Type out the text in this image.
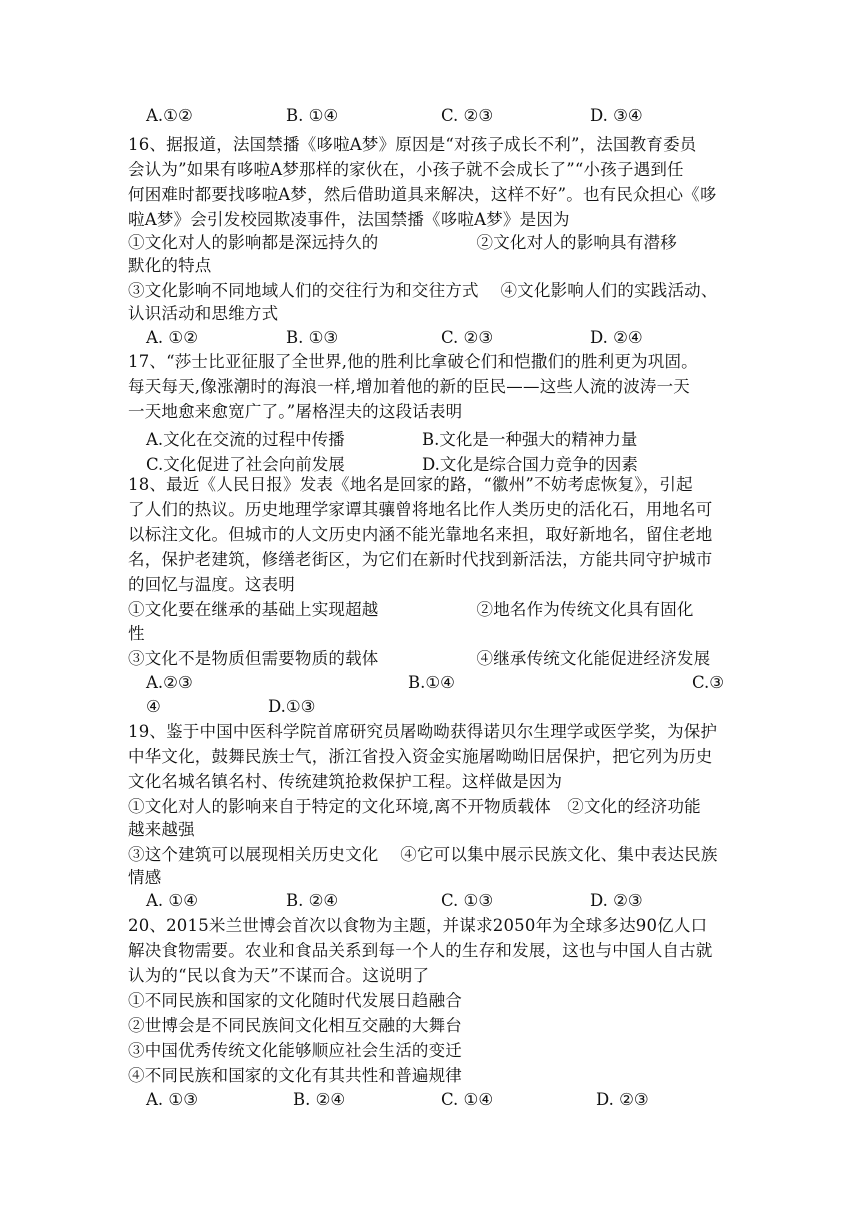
A.①②	B. ①④	C. ②③	D. ③④
16、据报道，法国禁播《哆啦A梦》原因是“对孩子成长不利”，法国教育委员
会认为”如果有哆啦A梦那样的家伙在，小孩子就不会成长了”“小孩子遇到任
何困难时都要找哆啦A梦，然后借助道具来解决，这样不好”。也有民众担心《哆
啦A梦》会引发校园欺凌事件，法国禁播《哆啦A梦》是因为
①文化对人的影响都是深远持久的                  ②文化对人的影响具有潜移
默化的特点
③文化影响不同地域人们的交往行为和交往方式    ④文化影响人们的实践活动、
认识活动和思维方式
A. ①②	B. ①③	C. ②③	D. ②④
17、“莎士比亚征服了全世界,他的胜利比拿破仑们和恺撒们的胜利更为巩固。
每天每天,像涨潮时的海浪一样,增加着他的新的臣民——这些人流的波涛一天
一天地愈来愈宽广了。”屠格涅夫的这段话表明
A.文化在交流的过程中传播	B.文化是一种强大的精神力量
C.文化促进了社会向前发展	D.文化是综合国力竞争的因素
18、最近《人民日报》发表《地名是回家的路，“徽州”不妨考虑恢复》，引起
了人们的热议。历史地理学家谭其骧曾将地名比作人类历史的活化石，用地名可
以标注文化。但城市的人文历史内涵不能光靠地名来担，取好新地名，留住老地
名，保护老建筑，修缮老街区，为它们在新时代找到新活法，方能共同守护城市
的回忆与温度。这表明
①文化要在继承的基础上实现超越                  ②地名作为传统文化具有固化
性
③文化不是物质但需要物质的载体                  ④继承传统文化能促进经济发展
A.②③	B.①④	C.③
④	D.①③
19、鉴于中国中医科学院首席研究员屠呦呦获得诺贝尔生理学或医学奖，为保护
中华文化，鼓舞民族士气，浙江省投入资金实施屠呦呦旧居保护，把它列为历史
文化名城名镇名村、传统建筑抢救保护工程。这样做是因为
①文化对人的影响来自于特定的文化环境,离不开物质载体   ②文化的经济功能
越来越强
③这个建筑可以展现相关历史文化    ④它可以集中展示民族文化、集中表达民族
情感
A. ①④	B. ②④	C. ①③	D. ②③
20、2015米兰世博会首次以食物为主题，并谋求2050年为全球多达90亿人口
解决食物需要。农业和食品关系到每一个人的生存和发展，这也与中国人自古就
认为的“民以食为天”不谋而合。这说明了
①不同民族和国家的文化随时代发展日趋融合
②世博会是不同民族间文化相互交融的大舞台
③中国优秀传统文化能够顺应社会生活的变迁
④不同民族和国家的文化有其共性和普遍规律
A. ①③	B. ②④	C. ①④	D. ②③
